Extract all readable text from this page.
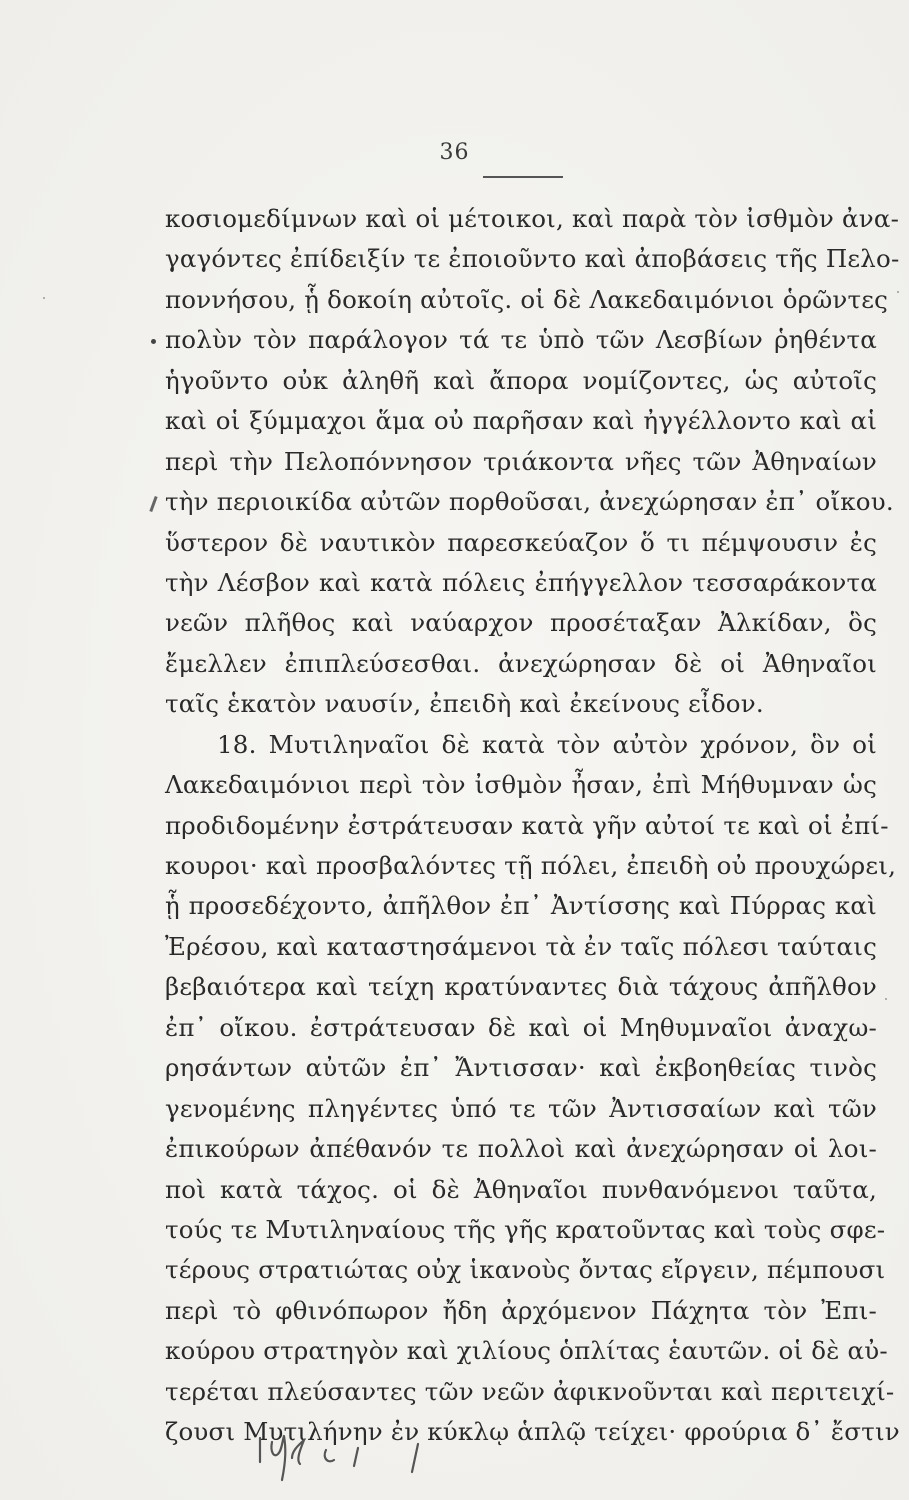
36
κοσιομεδίμνων καὶ οἱ μέτοικοι, καὶ παρὰ τὸν ἰσθμὸν ἀνα-
γαγόντες ἐπίδειξίν τε ἐποιοῦντο καὶ ἀποβάσεις τῆς Πελο-
ποννήσου, ᾗ δοκοίη αὐτοῖς. οἱ δὲ Λακεδαιμόνιοι ὁρῶντες
πολὺν τὸν παράλογον τά τε ὑπὸ τῶν Λεσβίων ῥηθέντα
ἡγοῦντο οὐκ ἀληθῆ καὶ ἄπορα νομίζοντες, ὡς αὐτοῖς
καὶ οἱ ξύμμαχοι ἅμα οὐ παρῆσαν καὶ ἠγγέλλοντο καὶ αἱ
περὶ τὴν Πελοπόννησον τριάκοντα νῆες τῶν Ἀθηναίων
τὴν περιοικίδα αὐτῶν πορθοῦσαι, ἀνεχώρησαν ἐπ᾽ οἴκου.
ὕστερον δὲ ναυτικὸν παρεσκεύαζον ὅ τι πέμψουσιν ἐς
τὴν Λέσβον καὶ κατὰ πόλεις ἐπήγγελλον τεσσαράκοντα
νεῶν πλῆθος καὶ ναύαρχον προσέταξαν Ἀλκίδαν, ὃς
ἔμελλεν ἐπιπλεύσεσθαι. ἀνεχώρησαν δὲ οἱ Ἀθηναῖοι
ταῖς ἑκατὸν ναυσίν, ἐπειδὴ καὶ ἐκείνους εἶδον.
18. Μυτιληναῖοι δὲ κατὰ τὸν αὐτὸν χρόνον, ὃν οἱ
Λακεδαιμόνιοι περὶ τὸν ἰσθμὸν ἦσαν, ἐπὶ Μήθυμναν ὡς
προδιδομένην ἐστράτευσαν κατὰ γῆν αὐτοί τε καὶ οἱ ἐπί-
κουροι· καὶ προσβαλόντες τῇ πόλει, ἐπειδὴ οὐ προυχώρει,
ᾗ προσεδέχοντο, ἀπῆλθον ἐπ᾽ Ἀντίσσης καὶ Πύρρας καὶ
Ἐρέσου, καὶ καταστησάμενοι τὰ ἐν ταῖς πόλεσι ταύταις
βεβαιότερα καὶ τείχη κρατύναντες διὰ τάχους ἀπῆλθον
ἐπ᾽ οἴκου. ἐστράτευσαν δὲ καὶ οἱ Μηθυμναῖοι ἀναχω-
ρησάντων αὐτῶν ἐπ᾽ Ἄντισσαν· καὶ ἐκβοηθείας τινὸς
γενομένης πληγέντες ὑπό τε τῶν Ἀντισσαίων καὶ τῶν
ἐπικούρων ἀπέθανόν τε πολλοὶ καὶ ἀνεχώρησαν οἱ λοι-
ποὶ κατὰ τάχος. οἱ δὲ Ἀθηναῖοι πυνθανόμενοι ταῦτα,
τούς τε Μυτιληναίους τῆς γῆς κρατοῦντας καὶ τοὺς σφε-
τέρους στρατιώτας οὐχ ἱκανοὺς ὄντας εἴργειν, πέμπουσι
περὶ τὸ φθινόπωρον ἤδη ἀρχόμενον Πάχητα τὸν Ἐπι-
κούρου στρατηγὸν καὶ χιλίους ὁπλίτας ἑαυτῶν. οἱ δὲ αὐ-
τερέται πλεύσαντες τῶν νεῶν ἀφικνοῦνται καὶ περιτειχί-
ζουσι Μυτιλήνην ἐν κύκλῳ ἁπλῷ τείχει· φρούρια δ᾽ ἔστιν
